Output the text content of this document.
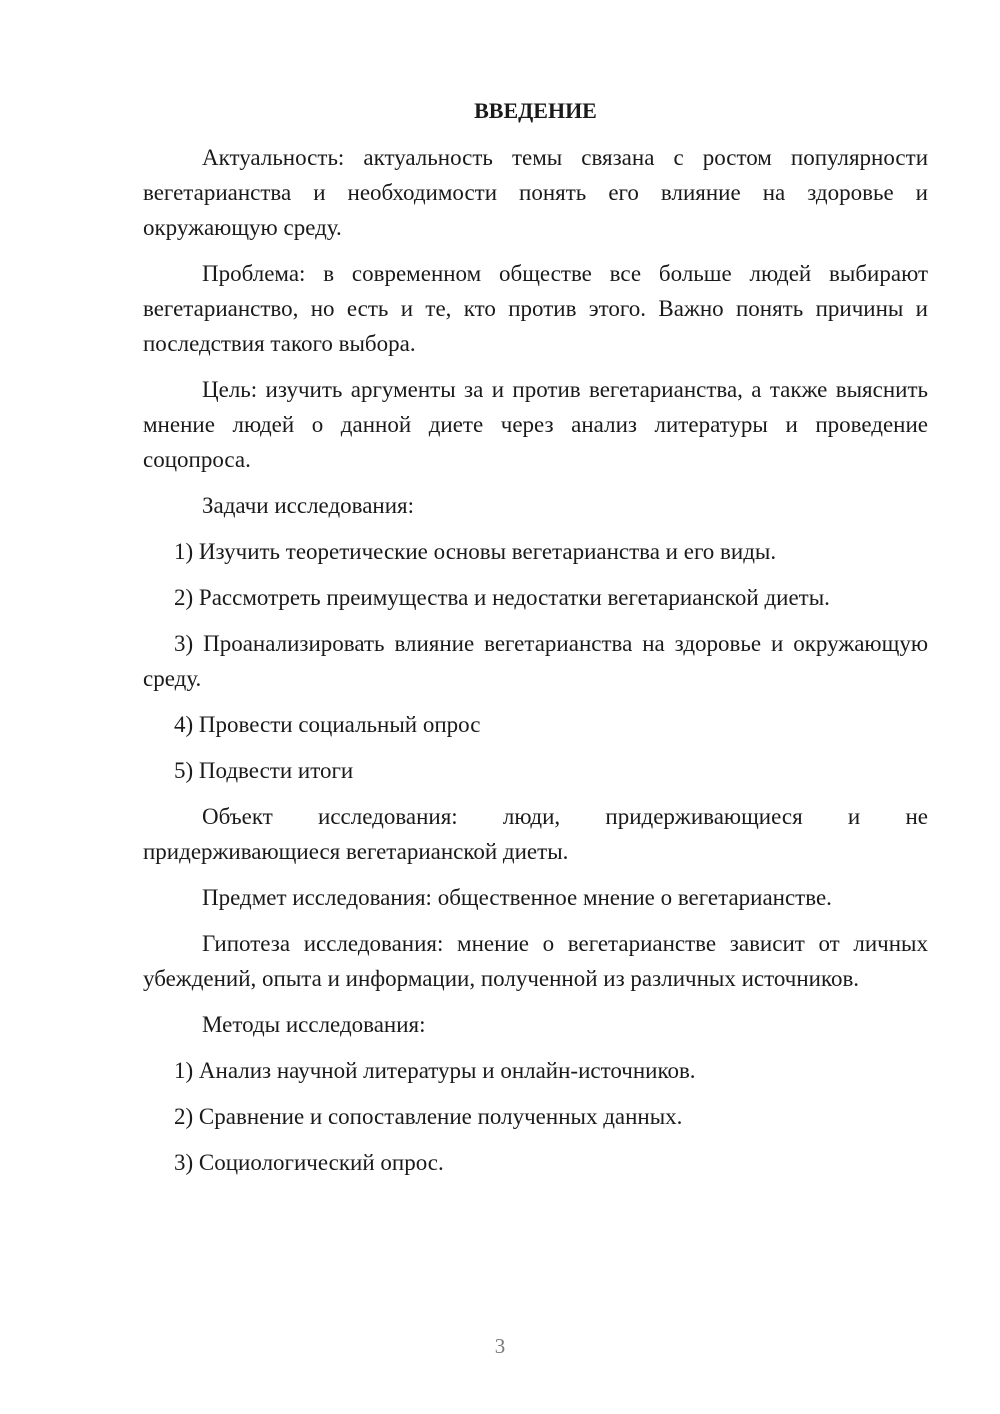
ВВЕДЕНИЕ

Актуальность: актуальность темы связана с ростом популярности вегетарианства и необходимости понять его влияние на здоровье и окружающую среду.

Проблема: в современном обществе все больше людей выбирают вегетарианство, но есть и те, кто против этого. Важно понять причины и последствия такого выбора.

Цель: изучить аргументы за и против вегетарианства, а также выяснить мнение людей о данной диете через анализ литературы и проведение соцопроса.

Задачи исследования:

1) Изучить теоретические основы вегетарианства и его виды.

2) Рассмотреть преимущества и недостатки вегетарианской диеты.

3) Проанализировать влияние вегетарианства на здоровье и окружающую среду.

4) Провести социальный опрос

5) Подвести итоги

Объект исследования: люди, придерживающиеся и не придерживающиеся вегетарианской диеты.

Предмет исследования: общественное мнение о вегетарианстве.

Гипотеза исследования: мнение о вегетарианстве зависит от личных убеждений, опыта и информации, полученной из различных источников.

Методы исследования:

1) Анализ научной литературы и онлайн-источников.

2) Сравнение и сопоставление полученных данных.

3) Социологический опрос.

3
